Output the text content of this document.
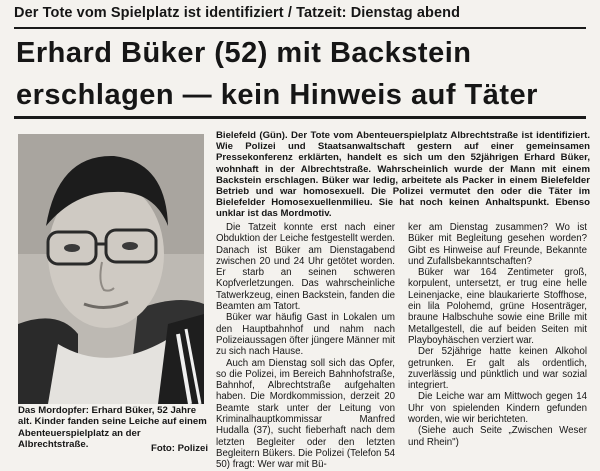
Der Tote vom Spielplatz ist identifiziert / Tatzeit: Dienstag abend
Erhard Büker (52) mit Backstein
erschlagen — kein Hinweis auf Täter
Das Mordopfer: Erhard Büker, 52 Jahre alt. Kinder fanden seine Leiche auf einem Abenteuerspielplatz an der Albrechtstraße.	Foto: Polizei

Bielefeld (Gün). Der Tote vom Abenteuerspielplatz Albrechtstraße ist identifiziert. Wie Polizei und Staatsanwaltschaft gestern auf einer gemeinsamen Pressekonferenz erklärten, handelt es sich um den 52jährigen Erhard Büker, wohnhaft in der Albrechtstraße. Wahrscheinlich wurde der Mann mit einem Backstein erschlagen. Büker war ledig, arbeitete als Packer in einem Bielefelder Betrieb und war homosexuell. Die Polizei vermutet den oder die Täter im Bielefelder Homosexuellenmilieu. Sie hat noch keinen Anhaltspunkt. Ebenso unklar ist das Mordmotiv.

Die Tatzeit konnte erst nach einer Obduktion der Leiche festgestellt werden. Danach ist Büker am Dienstagabend zwischen 20 und 24 Uhr getötet worden. Er starb an seinen schweren Kopfverletzungen. Das wahrscheinliche Tatwerkzeug, einen Backstein, fanden die Beamten am Tatort.

Büker war häufig Gast in Lokalen um den Hauptbahnhof und nahm nach Polizeiaussagen öfter jüngere Männer mit zu sich nach Hause.

Auch am Dienstag soll sich das Opfer, so die Polizei, im Bereich Bahnhofstraße, Bahnhof, Albrechtstraße aufgehalten haben. Die Mordkommission, derzeit 20 Beamte stark unter der Leitung von Kriminalhauptkommissar Manfred Hudalla (37), sucht fieberhaft nach dem letzten Begleiter oder den letzten Begleitern Bükers. Die Polizei (Telefon 54 50) fragt: Wer war mit Bü-

ker am Dienstag zusammen? Wo ist Büker mit Begleitung gesehen worden? Gibt es Hinweise auf Freunde, Bekannte und Zufallsbekanntschaften?

Büker war 164 Zentimeter groß, korpulent, untersetzt, er trug eine helle Leinenjacke, eine blaukarierte Stoffhose, ein lila Polohemd, grüne Hosenträger, braune Halbschuhe sowie eine Brille mit Metallgestell, die auf beiden Seiten mit Playboyhäschen verziert war.

Der 52jährige hatte keinen Alkohol getrunken. Er galt als ordentlich, zuverlässig und pünktlich und war sozial integriert.

Die Leiche war am Mittwoch gegen 14 Uhr von spielenden Kindern gefunden worden, wie wir berichteten.

(Siehe auch Seite „Zwischen Weser und Rhein")
